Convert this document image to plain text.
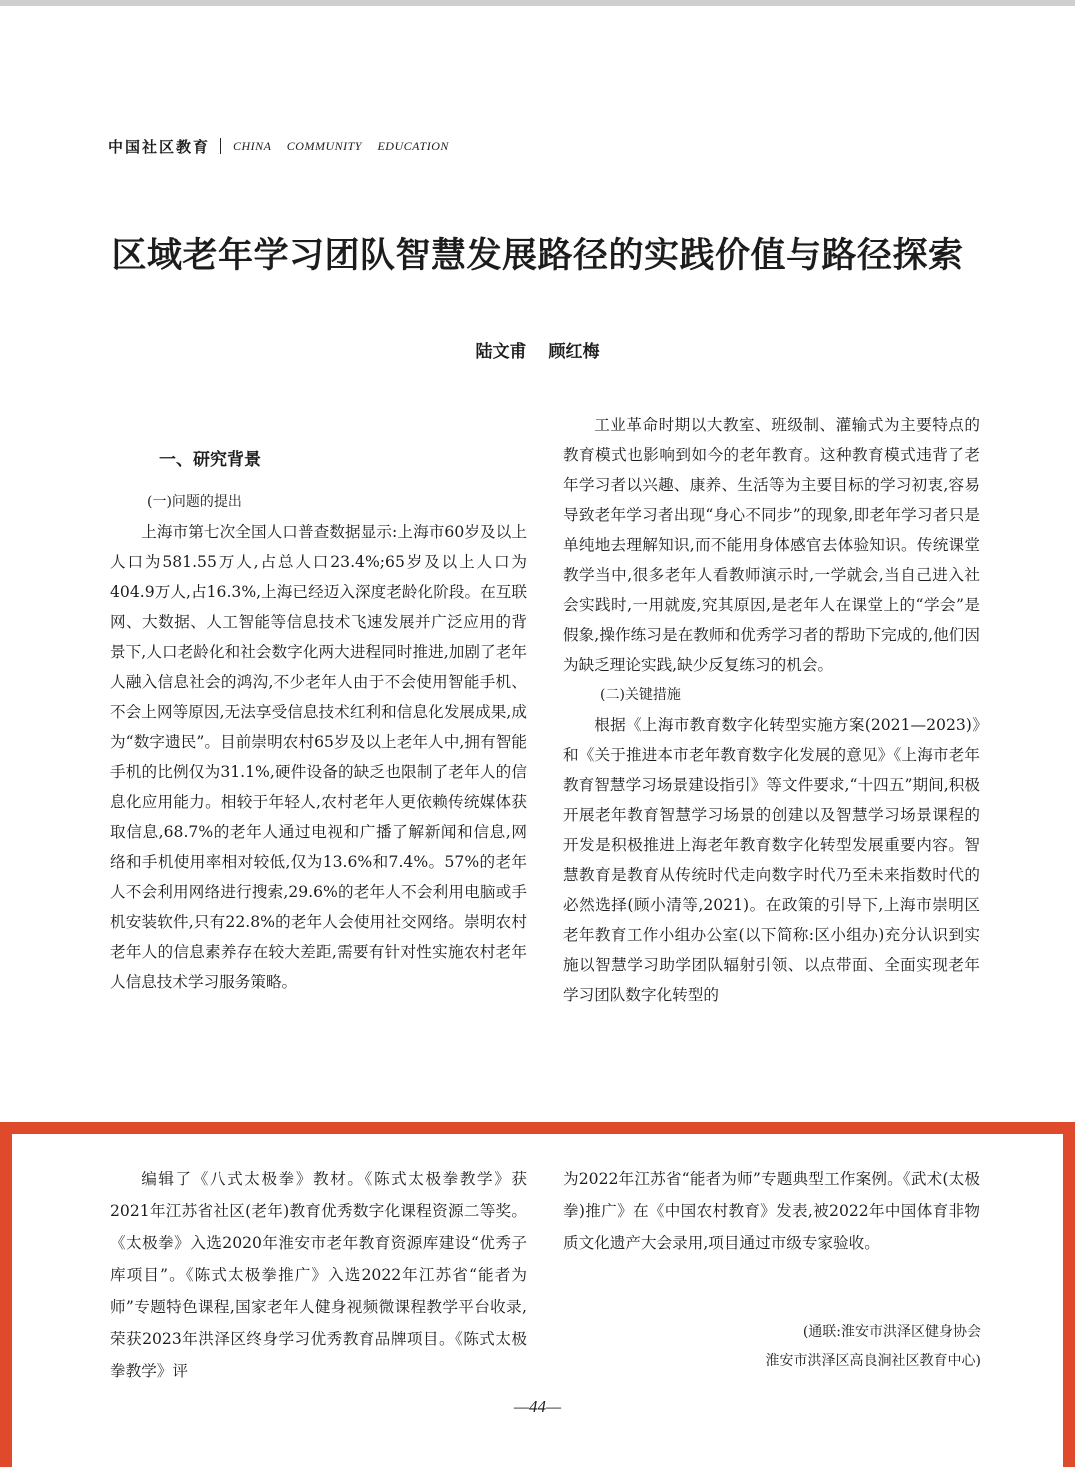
中国社区教育 CHINA COMMUNITY EDUCATION
区域老年学习团队智慧发展路径的实践价值与路径探索
陆文甫 顾红梅
一、研究背景

(一)问题的提出

上海市第七次全国人口普查数据显示:上海市60岁及以上人口为581.55万人,占总人口23.4%;65岁及以上人口为404.9万人,占16.3%,上海已经迈入深度老龄化阶段。在互联网、大数据、人工智能等信息技术飞速发展并广泛应用的背景下,人口老龄化和社会数字化两大进程同时推进,加剧了老年人融入信息社会的鸿沟,不少老年人由于不会使用智能手机、不会上网等原因,无法享受信息技术红利和信息化发展成果,成为“数字遗民”。目前崇明农村65岁及以上老年人中,拥有智能手机的比例仅为31.1%,硬件设备的缺乏也限制了老年人的信息化应用能力。相较于年轻人,农村老年人更依赖传统媒体获取信息,68.7%的老年人通过电视和广播了解新闻和信息,网络和手机使用率相对较低,仅为13.6%和7.4%。57%的老年人不会利用网络进行搜索,29.6%的老年人不会利用电脑或手机安装软件,只有22.8%的老年人会使用社交网络。崇明农村老年人的信息素养存在较大差距,需要有针对性实施农村老年人信息技术学习服务策略。

工业革命时期以大教室、班级制、灌输式为主要特点的教育模式也影响到如今的老年教育。这种教育模式违背了老年学习者以兴趣、康养、生活等为主要目标的学习初衷,容易导致老年学习者出现“身心不同步”的现象,即老年学习者只是单纯地去理解知识,而不能用身体感官去体验知识。传统课堂教学当中,很多老年人看教师演示时,一学就会,当自己进入社会实践时,一用就废,究其原因,是老年人在课堂上的“学会”是假象,操作练习是在教师和优秀学习者的帮助下完成的,他们因为缺乏理论实践,缺少反复练习的机会。

(二)关键措施

根据《上海市教育数字化转型实施方案(2021—2023)》和《关于推进本市老年教育数字化发展的意见》《上海市老年教育智慧学习场景建设指引》等文件要求,“十四五”期间,积极开展老年教育智慧学习场景的创建以及智慧学习场景课程的开发是积极推进上海老年教育数字化转型发展重要内容。智慧教育是教育从传统时代走向数字时代乃至未来指数时代的必然选择(顾小清等,2021)。在政策的引导下,上海市崇明区老年教育工作小组办公室(以下简称:区小组办)充分认识到实施以智慧学习助学团队辐射引领、以点带面、全面实现老年学习团队数字化转型的

编辑了《八式太极拳》教材。《陈式太极拳教学》获2021年江苏省社区(老年)教育优秀数字化课程资源二等奖。《太极拳》入选2020年淮安市老年教育资源库建设“优秀子库项目”。《陈式太极拳推广》入选2022年江苏省“能者为师”专题特色课程,国家老年人健身视频微课程教学平台收录,荣获2023年洪泽区终身学习优秀教育品牌项目。《陈式太极拳教学》评

为2022年江苏省“能者为师”专题典型工作案例。《武术(太极拳)推广》在《中国农村教育》发表,被2022年中国体育非物质文化遗产大会录用,项目通过市级专家验收。

(通联:淮安市洪泽区健身协会
淮安市洪泽区高良涧社区教育中心)
—44—
